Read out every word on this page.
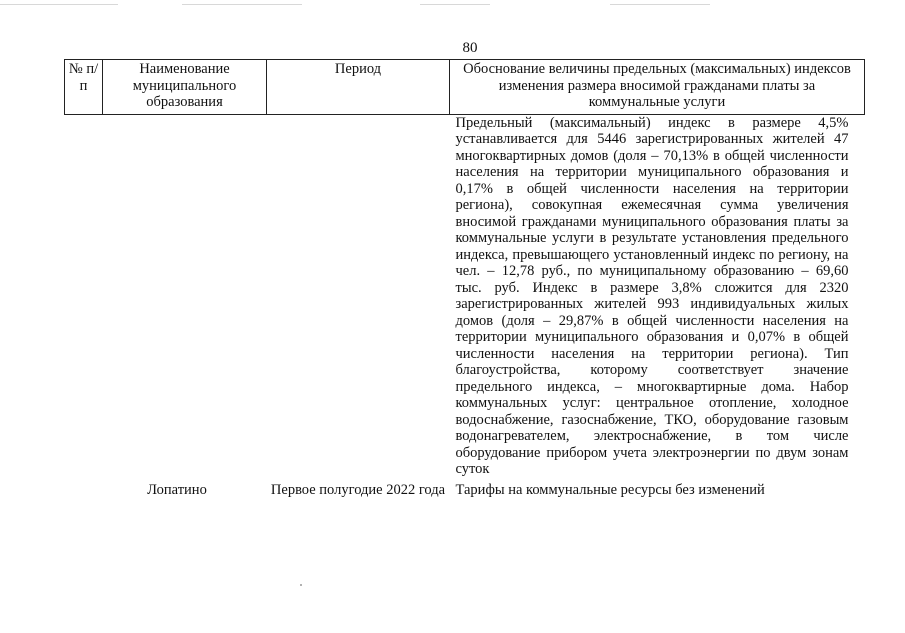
80
№ п/п	Наименование муниципального образования	Период	Обоснование величины предельных (максимальных) индексов изменения размера вносимой гражданами платы за коммунальные услуги
			Предельный (максимальный) индекс в размере 4,5% устанавливается для 5446 зарегистрированных жителей 47 многоквартирных домов (доля – 70,13% в общей численности населения на территории муниципального образования и 0,17% в общей численности населения на территории региона), совокупная ежемесячная сумма увеличения вносимой гражданами муниципального образования платы за коммунальные услуги в результате установления предельного индекса, превышающего установленный индекс по региону, на чел. – 12,78 руб., по муниципальному образованию – 69,60 тыс. руб. Индекс в размере 3,8% сложится для 2320 зарегистрированных жителей 993 индивидуальных жилых домов (доля – 29,87% в общей численности населения на территории муниципального образования и 0,07% в общей численности населения на территории региона). Тип благоустройства, которому соответствует значение предельного индекса, – многоквартирные дома. Набор коммунальных услуг: центральное отопление, холодное водоснабжение, газоснабжение, ТКО, оборудование газовым водонагревателем, электроснабжение, в том числе оборудование прибором учета электроэнергии по двум зонам суток
	Лопатино	Первое полугодие 2022 года	Тарифы на коммунальные ресурсы без изменений
